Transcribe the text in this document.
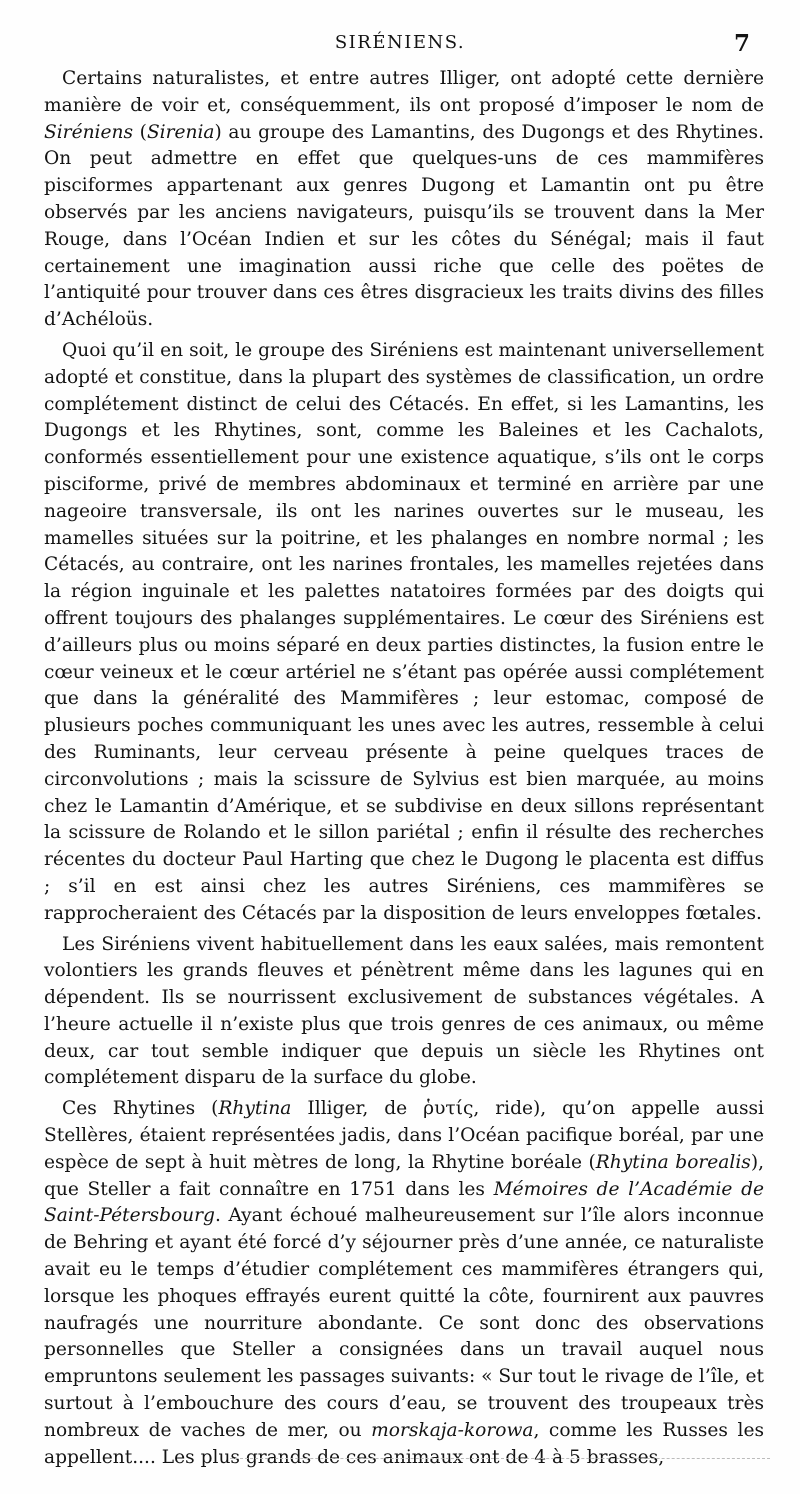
SIRÉNIENS.	7

Certains naturalistes, et entre autres Illiger, ont adopté cette dernière manière de voir et, conséquemment, ils ont proposé d’imposer le nom de Siréniens (Sirenia) au groupe des Lamantins, des Dugongs et des Rhytines. On peut admettre en effet que quelques-uns de ces mammifères pisciformes appartenant aux genres Dugong et Lamantin ont pu être observés par les anciens navigateurs, puisqu’ils se trouvent dans la Mer Rouge, dans l’Océan Indien et sur les côtes du Sénégal; mais il faut certainement une imagination aussi riche que celle des poëtes de l’antiquité pour trouver dans ces êtres disgracieux les traits divins des filles d’Achéloüs.

Quoi qu’il en soit, le groupe des Siréniens est maintenant universellement adopté et constitue, dans la plupart des systèmes de classification, un ordre complétement distinct de celui des Cétacés. En effet, si les Lamantins, les Dugongs et les Rhytines, sont, comme les Baleines et les Cachalots, conformés essentiellement pour une existence aquatique, s’ils ont le corps pisciforme, privé de membres abdominaux et terminé en arrière par une nageoire transversale, ils ont les narines ouvertes sur le museau, les mamelles situées sur la poitrine, et les phalanges en nombre normal ; les Cétacés, au contraire, ont les narines frontales, les mamelles rejetées dans la région inguinale et les palettes natatoires formées par des doigts qui offrent toujours des phalanges supplémentaires. Le cœur des Siréniens est d’ailleurs plus ou moins séparé en deux parties distinctes, la fusion entre le cœur veineux et le cœur artériel ne s’étant pas opérée aussi complétement que dans la généralité des Mammifères ; leur estomac, composé de plusieurs poches communiquant les unes avec les autres, ressemble à celui des Ruminants, leur cerveau présente à peine quelques traces de circonvolutions ; mais la scissure de Sylvius est bien marquée, au moins chez le Lamantin d’Amérique, et se subdivise en deux sillons représentant la scissure de Rolando et le sillon pariétal ; enfin il résulte des recherches récentes du docteur Paul Harting que chez le Dugong le placenta est diffus ; s’il en est ainsi chez les autres Siréniens, ces mammifères se rapprocheraient des Cétacés par la disposition de leurs enveloppes fœtales.

Les Siréniens vivent habituellement dans les eaux salées, mais remontent volontiers les grands fleuves et pénètrent même dans les lagunes qui en dépendent. Ils se nourrissent exclusivement de substances végétales. A l’heure actuelle il n’existe plus que trois genres de ces animaux, ou même deux, car tout semble indiquer que depuis un siècle les Rhytines ont complétement disparu de la surface du globe.

Ces Rhytines (Rhytina Illiger, de ῥυτίς, ride), qu’on appelle aussi Stellères, étaient représentées jadis, dans l’Océan pacifique boréal, par une espèce de sept à huit mètres de long, la Rhytine boréale (Rhytina borealis), que Steller a fait connaître en 1751 dans les Mémoires de l’Académie de Saint-Pétersbourg. Ayant échoué malheureusement sur l’île alors inconnue de Behring et ayant été forcé d’y séjourner près d’une année, ce naturaliste avait eu le temps d’étudier complétement ces mammifères étrangers qui, lorsque les phoques effrayés eurent quitté la côte, fournirent aux pauvres naufragés une nourriture abondante. Ce sont donc des observations personnelles que Steller a consignées dans un travail auquel nous empruntons seulement les passages suivants: « Sur tout le rivage de l’île, et surtout à l’embouchure des cours d’eau, se trouvent des troupeaux très nombreux de vaches de mer, ou morskaja-korowa, comme les Russes les appellent.... Les plus grands de ces animaux ont de 4 à 5 brasses,
